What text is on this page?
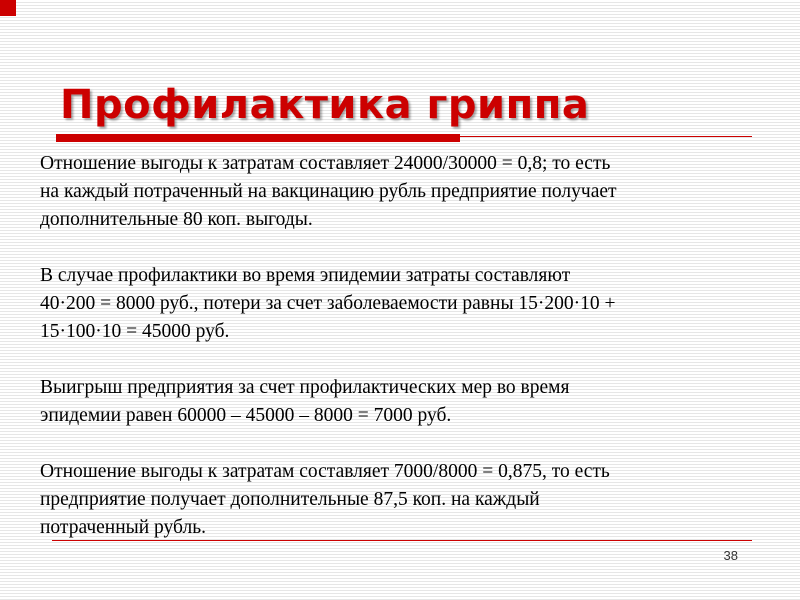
Профилактика гриппа

Отношение выгоды к затратам составляет 24000/30000 = 0,8; то есть
на каждый потраченный на вакцинацию рубль предприятие получает
дополнительные 80 коп. выгоды.

В случае профилактики во время эпидемии затраты составляют
40·200 = 8000 руб., потери за счет заболеваемости равны 15·200·10 +
15·100·10 = 45000 руб.

Выигрыш предприятия за счет профилактических мер во время
эпидемии равен 60000 – 45000 – 8000 = 7000 руб.

Отношение выгоды к затратам составляет 7000/8000 = 0,875, то есть
предприятие получает дополнительные 87,5 коп. на каждый
потраченный рубль.

38
